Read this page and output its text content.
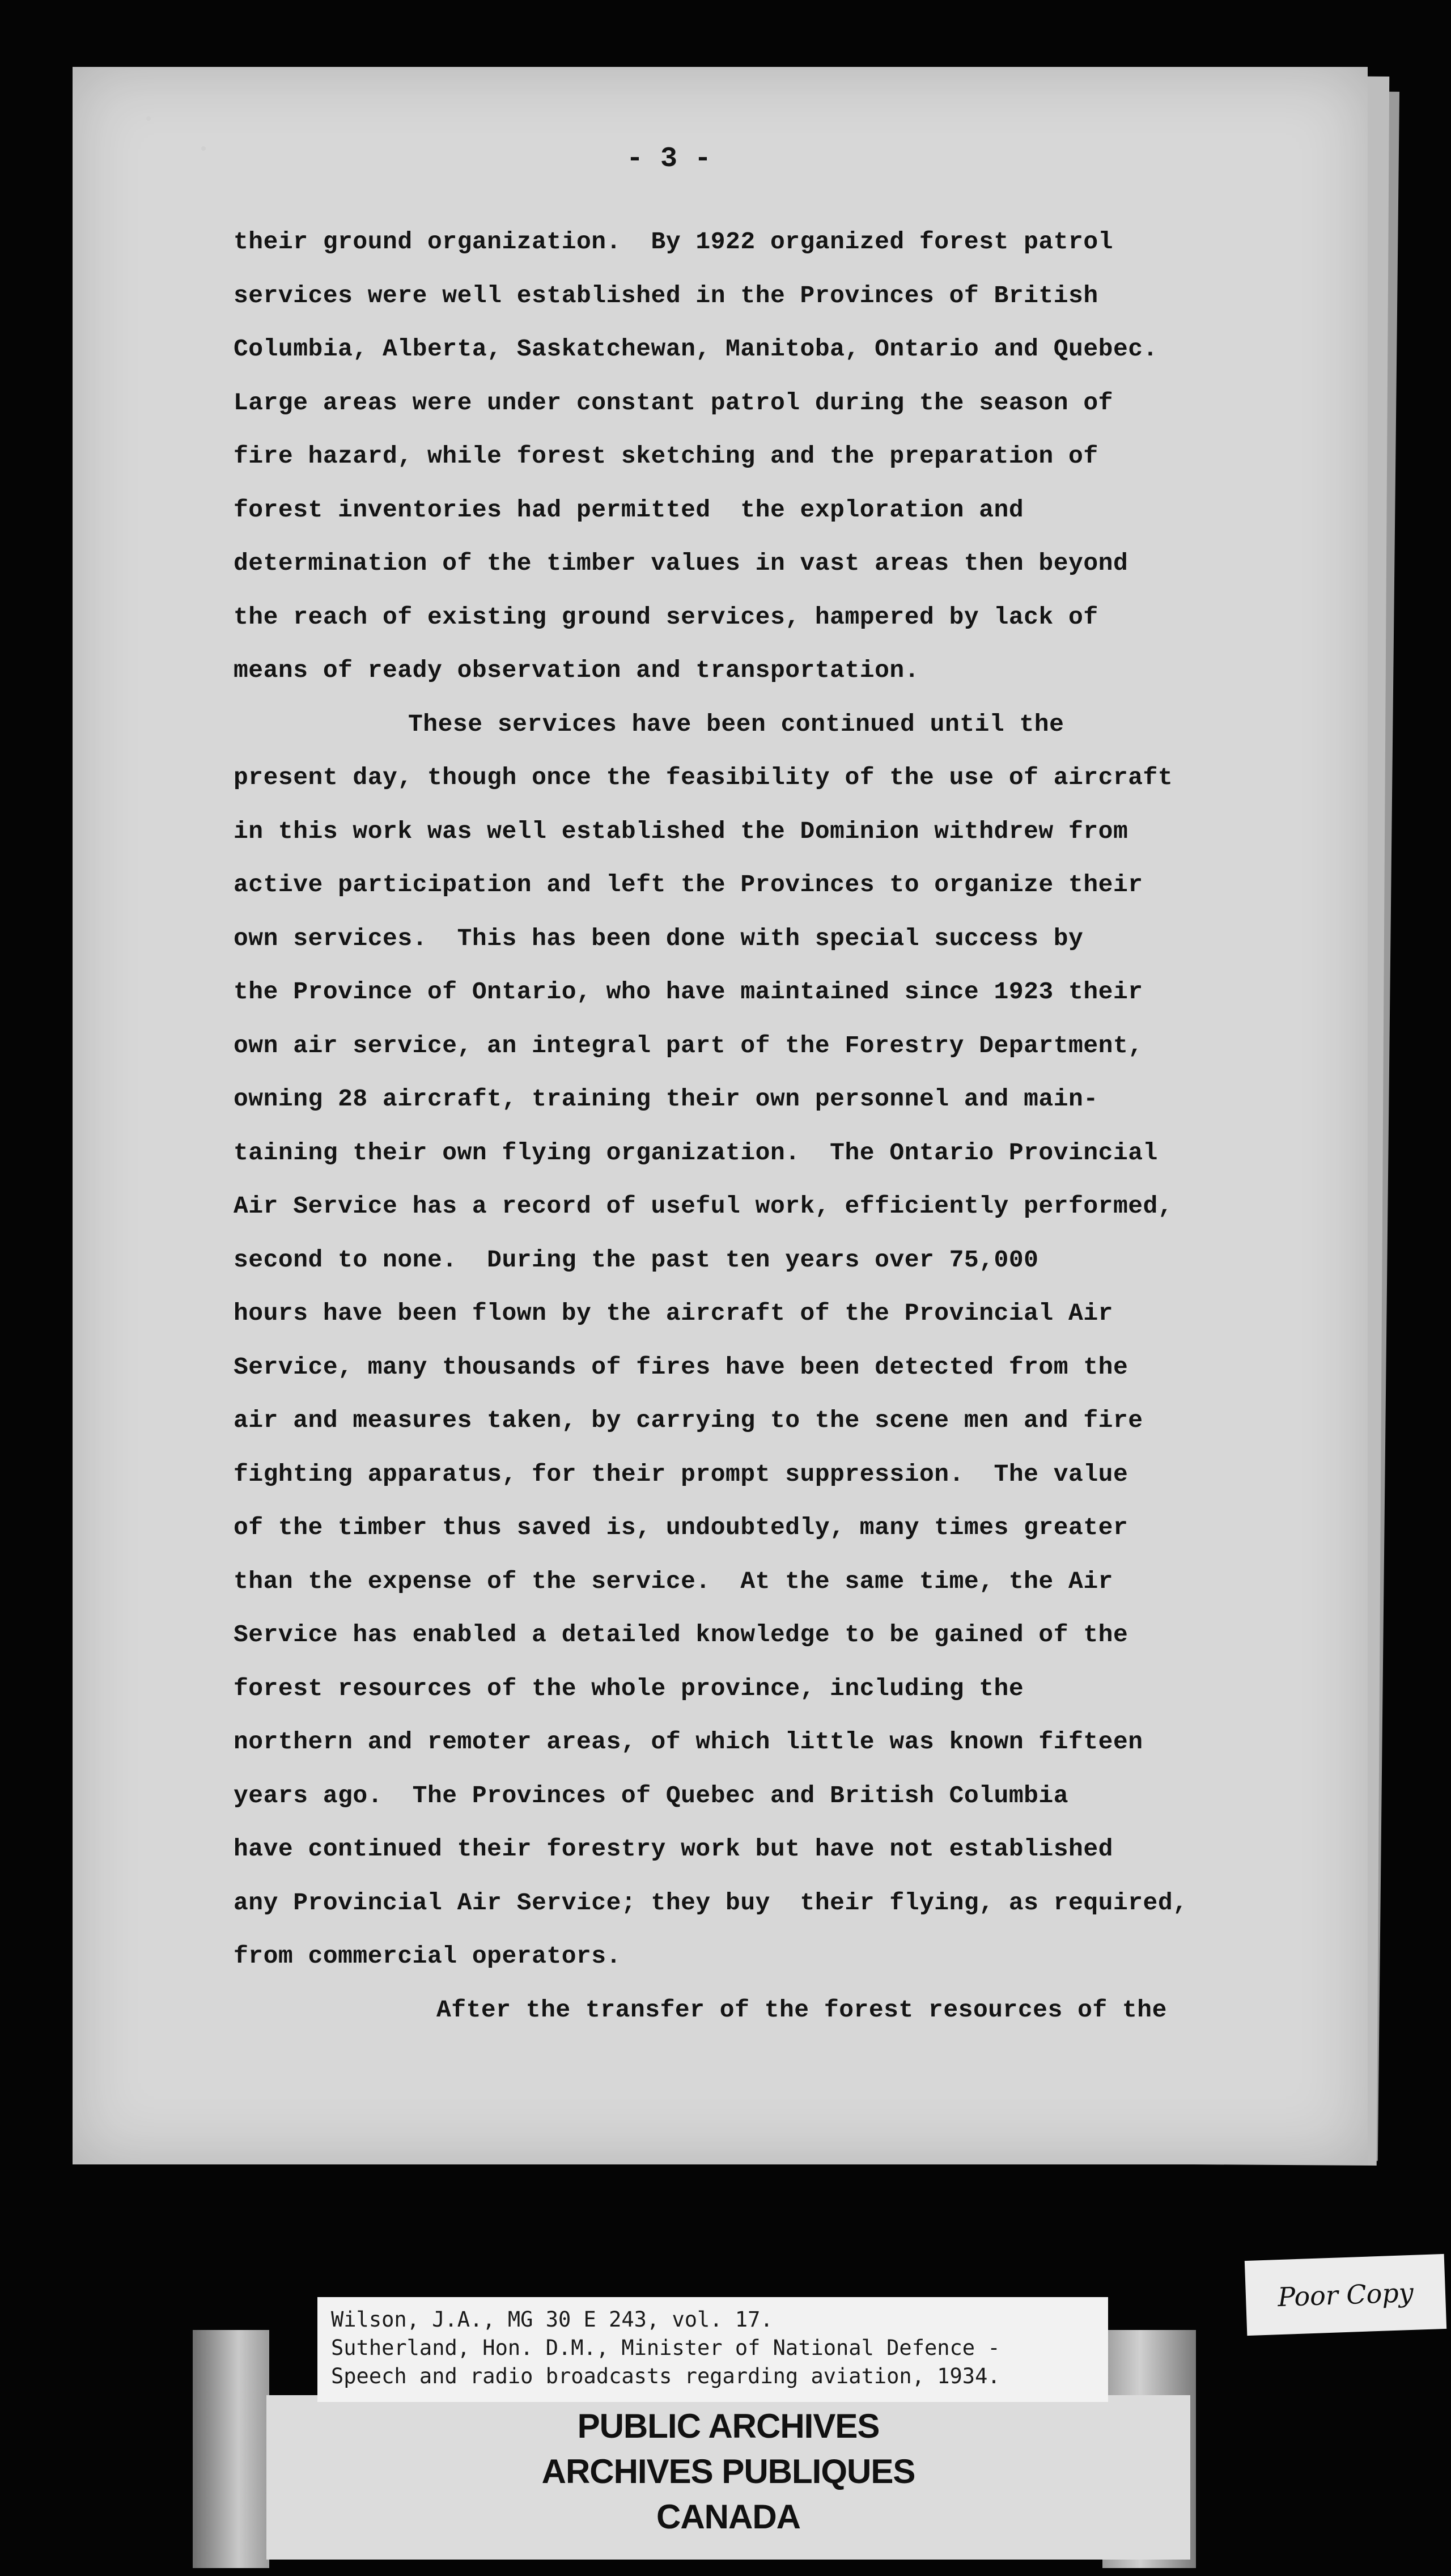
- 3 -
their ground organization.  By 1922 organized forest patrol
services were well established in the Provinces of British
Columbia, Alberta, Saskatchewan, Manitoba, Ontario and Quebec.
Large areas were under constant patrol during the season of
fire hazard, while forest sketching and the preparation of
forest inventories had permitted  the exploration and
determination of the timber values in vast areas then beyond
the reach of existing ground services, hampered by lack of
means of ready observation and transportation.
These services have been continued until the
present day, though once the feasibility of the use of aircraft
in this work was well established the Dominion withdrew from
active participation and left the Provinces to organize their
own services.  This has been done with special success by
the Province of Ontario, who have maintained since 1923 their
own air service, an integral part of the Forestry Department,
owning 28 aircraft, training their own personnel and main-
taining their own flying organization.  The Ontario Provincial
Air Service has a record of useful work, efficiently performed,
second to none.  During the past ten years over 75,000
hours have been flown by the aircraft of the Provincial Air
Service, many thousands of fires have been detected from the
air and measures taken, by carrying to the scene men and fire
fighting apparatus, for their prompt suppression.  The value
of the timber thus saved is, undoubtedly, many times greater
than the expense of the service.  At the same time, the Air
Service has enabled a detailed knowledge to be gained of the
forest resources of the whole province, including the
northern and remoter areas, of which little was known fifteen
years ago.  The Provinces of Quebec and British Columbia
have continued their forestry work but have not established
any Provincial Air Service; they buy  their flying, as required,
from commercial operators.
After the transfer of the forest resources of the
PUBLIC ARCHIVES
ARCHIVES PUBLIQUES
CANADA
Wilson, J.A., MG 30 E 243, vol. 17.
Sutherland, Hon. D.M., Minister of National Defence -
Speech and radio broadcasts regarding aviation, 1934.
Poor Copy
